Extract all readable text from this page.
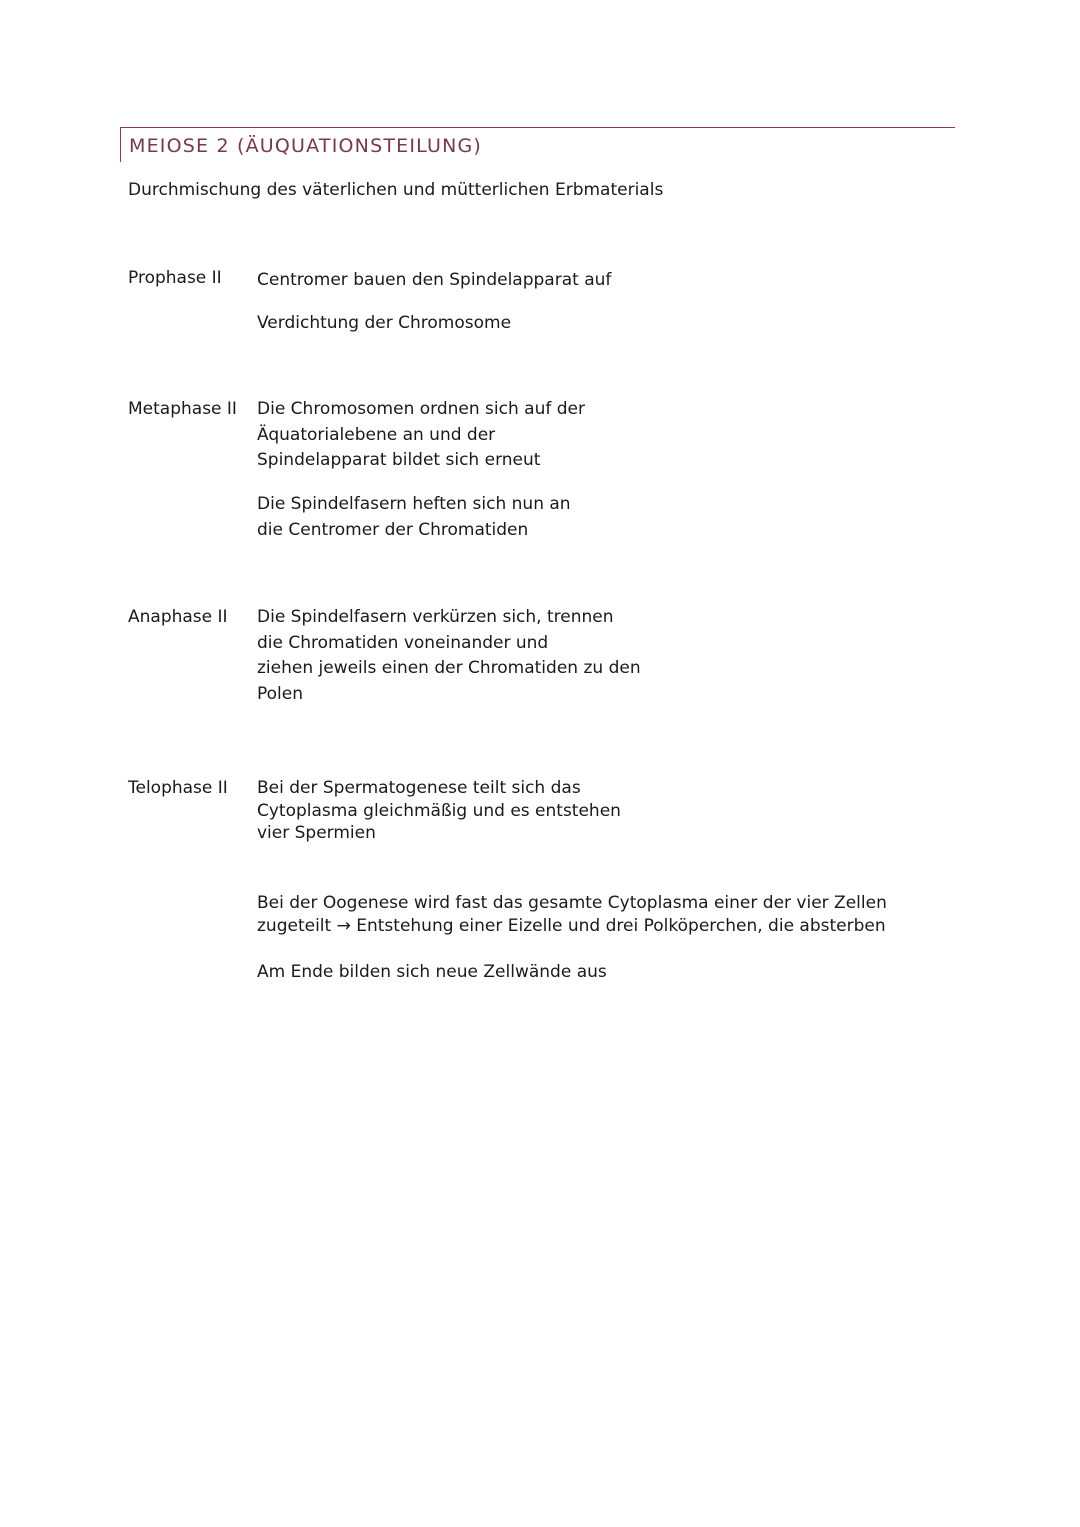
MEIOSE 2 (ÄUQUATIONSTEILUNG)
Durchmischung des väterlichen und mütterlichen Erbmaterials
Prophase II Centromer bauen den Spindelapparat auf
Verdichtung der Chromosome
Metaphase II Die Chromosomen ordnen sich auf der
Äquatorialebene an und der
Spindelapparat bildet sich erneut
Die Spindelfasern heften sich nun an
die Centromer der Chromatiden
Anaphase II Die Spindelfasern verkürzen sich, trennen
die Chromatiden voneinander und
ziehen jeweils einen der Chromatiden zu den
Polen
Telophase II Bei der Spermatogenese teilt sich das
Cytoplasma gleichmäßig und es entstehen
vier Spermien
Bei der Oogenese wird fast das gesamte Cytoplasma einer der vier Zellen
zugeteilt → Entstehung einer Eizelle und drei Polköperchen, die absterben
Am Ende bilden sich neue Zellwände aus
